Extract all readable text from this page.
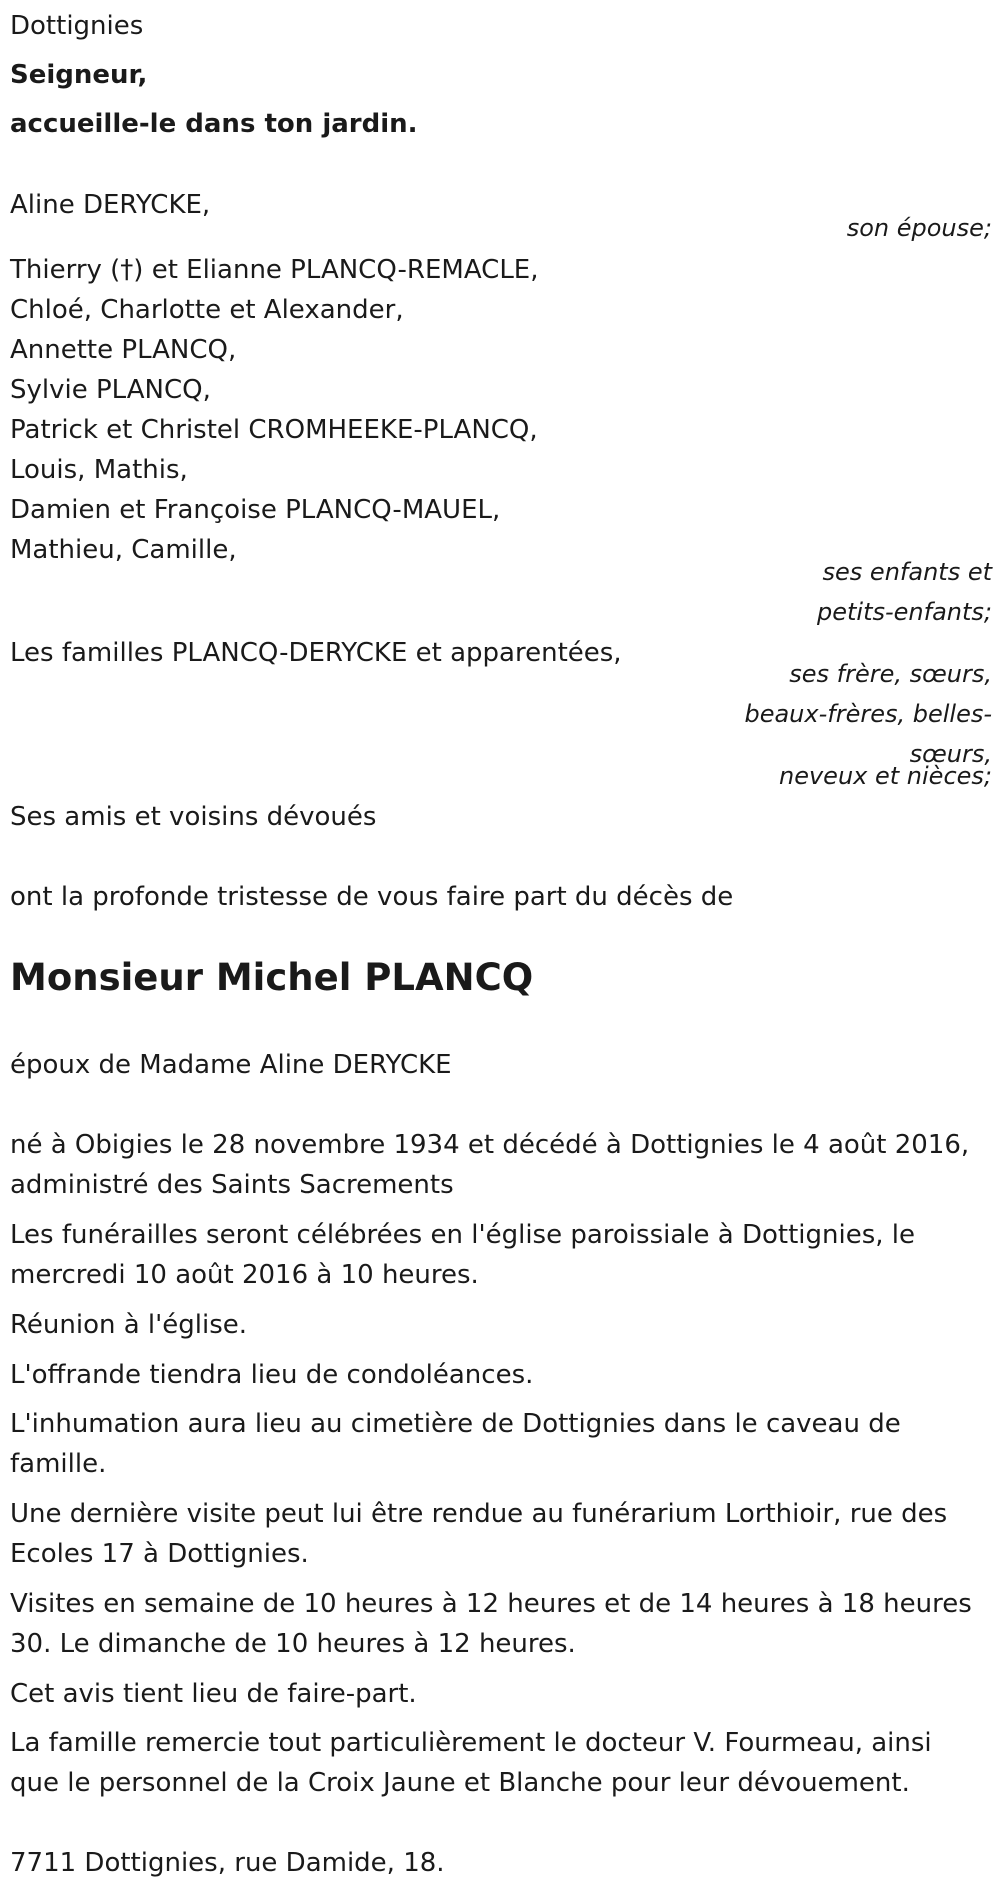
Dottignies
Seigneur,
accueille-le dans ton jardin.
Aline DERYCKE,
son épouse;
Thierry (†) et Elianne PLANCQ-REMACLE,
Chloé, Charlotte et Alexander,
Annette PLANCQ,
Sylvie PLANCQ,
Patrick et Christel CROMHEEKE-PLANCQ,
Louis, Mathis,
Damien et Françoise PLANCQ-MAUEL,
Mathieu, Camille,
ses enfants et
petits-enfants;
Les familles PLANCQ-DERYCKE et apparentées,
ses frère, sœurs,
beaux-frères, belles-
sœurs,
neveux et nièces;
Ses amis et voisins dévoués
ont la profonde tristesse de vous faire part du décès de
Monsieur Michel PLANCQ
époux de Madame Aline DERYCKE
né à Obigies le 28 novembre 1934 et décédé à Dottignies le 4 août 2016,
administré des Saints Sacrements
Les funérailles seront célébrées en l'église paroissiale à Dottignies, le
mercredi 10 août 2016 à 10 heures.
Réunion à l'église.
L'offrande tiendra lieu de condoléances.
L'inhumation aura lieu au cimetière de Dottignies dans le caveau de
famille.
Une dernière visite peut lui être rendue au funérarium Lorthioir, rue des
Ecoles 17 à Dottignies.
Visites en semaine de 10 heures à 12 heures et de 14 heures à 18 heures
30. Le dimanche de 10 heures à 12 heures.
Cet avis tient lieu de faire-part.
La famille remercie tout particulièrement le docteur V. Fourmeau, ainsi
que le personnel de la Croix Jaune et Blanche pour leur dévouement.
7711 Dottignies, rue Damide, 18.
